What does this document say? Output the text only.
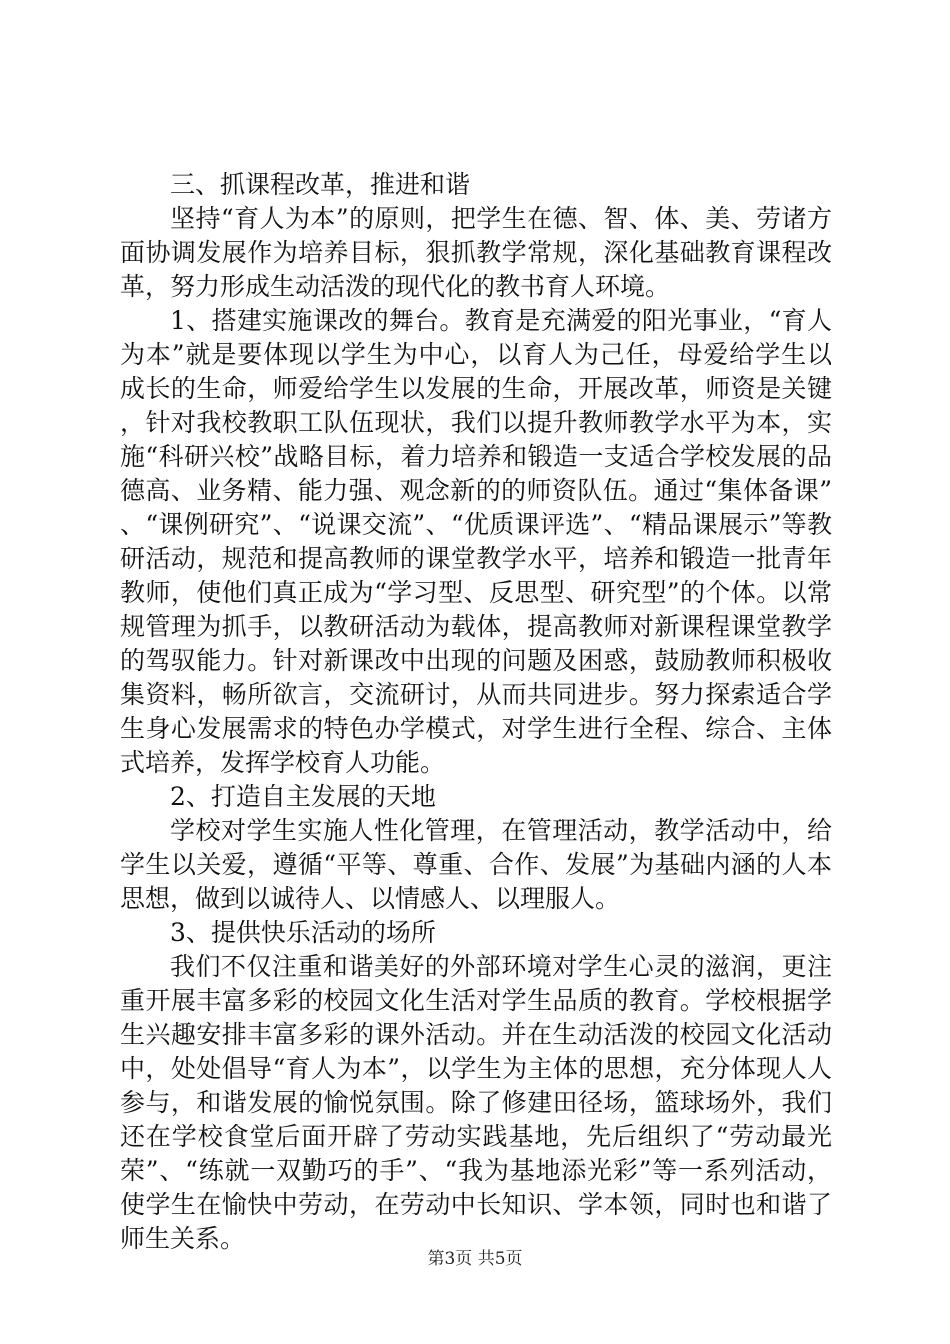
三、抓课程改革，推进和谐

坚持“育人为本”的原则，把学生在德、智、体、美、劳诸方面协调发展作为培养目标，狠抓教学常规，深化基础教育课程改革，努力形成生动活泼的现代化的教书育人环境。

1、搭建实施课改的舞台。教育是充满爱的阳光事业，“育人为本”就是要体现以学生为中心，以育人为己任，母爱给学生以成长的生命，师爱给学生以发展的生命，开展改革，师资是关键，针对我校教职工队伍现状，我们以提升教师教学水平为本，实施“科研兴校”战略目标，着力培养和锻造一支适合学校发展的品德高、业务精、能力强、观念新的的师资队伍。通过“集体备课”、“课例研究”、“说课交流”、“优质课评选”、“精品课展示”等教研活动，规范和提高教师的课堂教学水平，培养和锻造一批青年教师，使他们真正成为“学习型、反思型、研究型”的个体。以常规管理为抓手，以教研活动为载体，提高教师对新课程课堂教学的驾驭能力。针对新课改中出现的问题及困惑，鼓励教师积极收集资料，畅所欲言，交流研讨，从而共同进步。努力探索适合学生身心发展需求的特色办学模式，对学生进行全程、综合、主体式培养，发挥学校育人功能。

2、打造自主发展的天地

学校对学生实施人性化管理，在管理活动，教学活动中，给学生以关爱，遵循“平等、尊重、合作、发展”为基础内涵的人本思想，做到以诚待人、以情感人、以理服人。

3、提供快乐活动的场所

我们不仅注重和谐美好的外部环境对学生心灵的滋润，更注重开展丰富多彩的校园文化生活对学生品质的教育。学校根据学生兴趣安排丰富多彩的课外活动。并在生动活泼的校园文化活动中，处处倡导“育人为本”，以学生为主体的思想，充分体现人人参与，和谐发展的愉悦氛围。除了修建田径场，篮球场外，我们还在学校食堂后面开辟了劳动实践基地，先后组织了“劳动最光荣”、“练就一双勤巧的手”、“我为基地添光彩”等一系列活动，使学生在愉快中劳动，在劳动中长知识、学本领，同时也和谐了师生关系。

第3页 共5页
